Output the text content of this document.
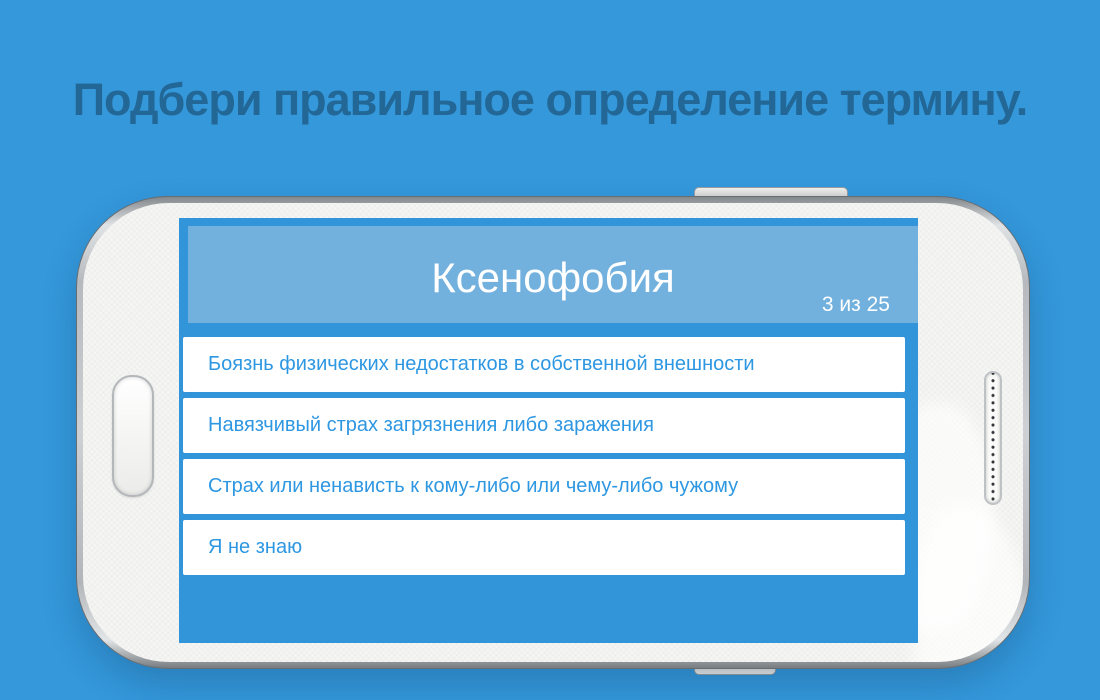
Подбери правильное определение термину.
Ксенофобия
3 из 25
Боязнь физических недостатков в собственной внешности
Навязчивый страх загрязнения либо заражения
Страх или ненависть к кому-либо или чему-либо чужому
Я не знаю
